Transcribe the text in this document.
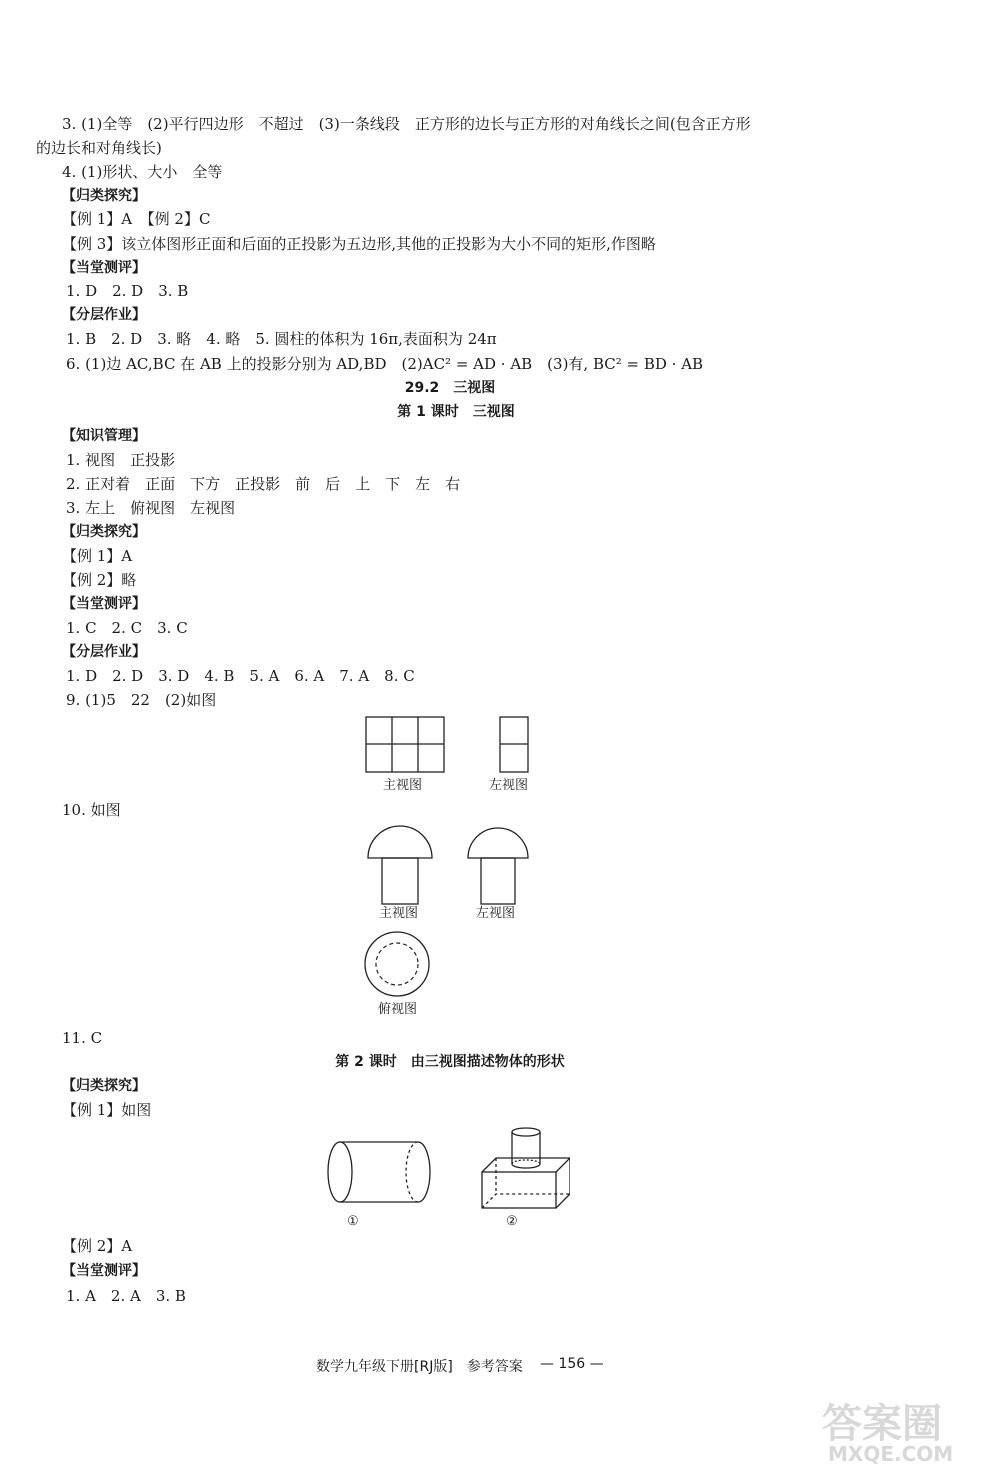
3. (1)全等　(2)平行四边形　不超过　(3)一条线段　正方形的边长与正方形的对角线长之间(包含正方形
的边长和对角线长)
4. (1)形状、大小　全等
【归类探究】
【例 1】A　【例 2】C
【例 3】该立体图形正面和后面的正投影为五边形,其他的正投影为大小不同的矩形,作图略
【当堂测评】
1. D　2. D　3. B
【分层作业】
1. B　2. D　3. 略　4. 略　5. 圆柱的体积为 16π,表面积为 24π
6. (1)边 AC,BC 在 AB 上的投影分别为 AD,BD　(2)AC² = AD · AB　(3)有, BC² = BD · AB
29.2　三视图
第 1 课时　三视图
【知识管理】
1. 视图　正投影
2. 正对着　正面　下方　正投影　前　后　上　下　左　右
3. 左上　俯视图　左视图
【归类探究】
【例 1】A
【例 2】略
【当堂测评】
1. C　2. C　3. C
【分层作业】
1. D　2. D　3. D　4. B　5. A　6. A　7. A　8. C
9. (1)5　22　(2)如图
主视图	左视图
10. 如图
主视图	左视图
俯视图
11. C
第 2 课时　由三视图描述物体的形状
【归类探究】
【例 1】如图
①	②
【例 2】A
【当堂测评】
1. A　2. A　3. B
数学九年级下册[RJ版]　参考答案 — 156 —
答案圈
MXQE.COM
